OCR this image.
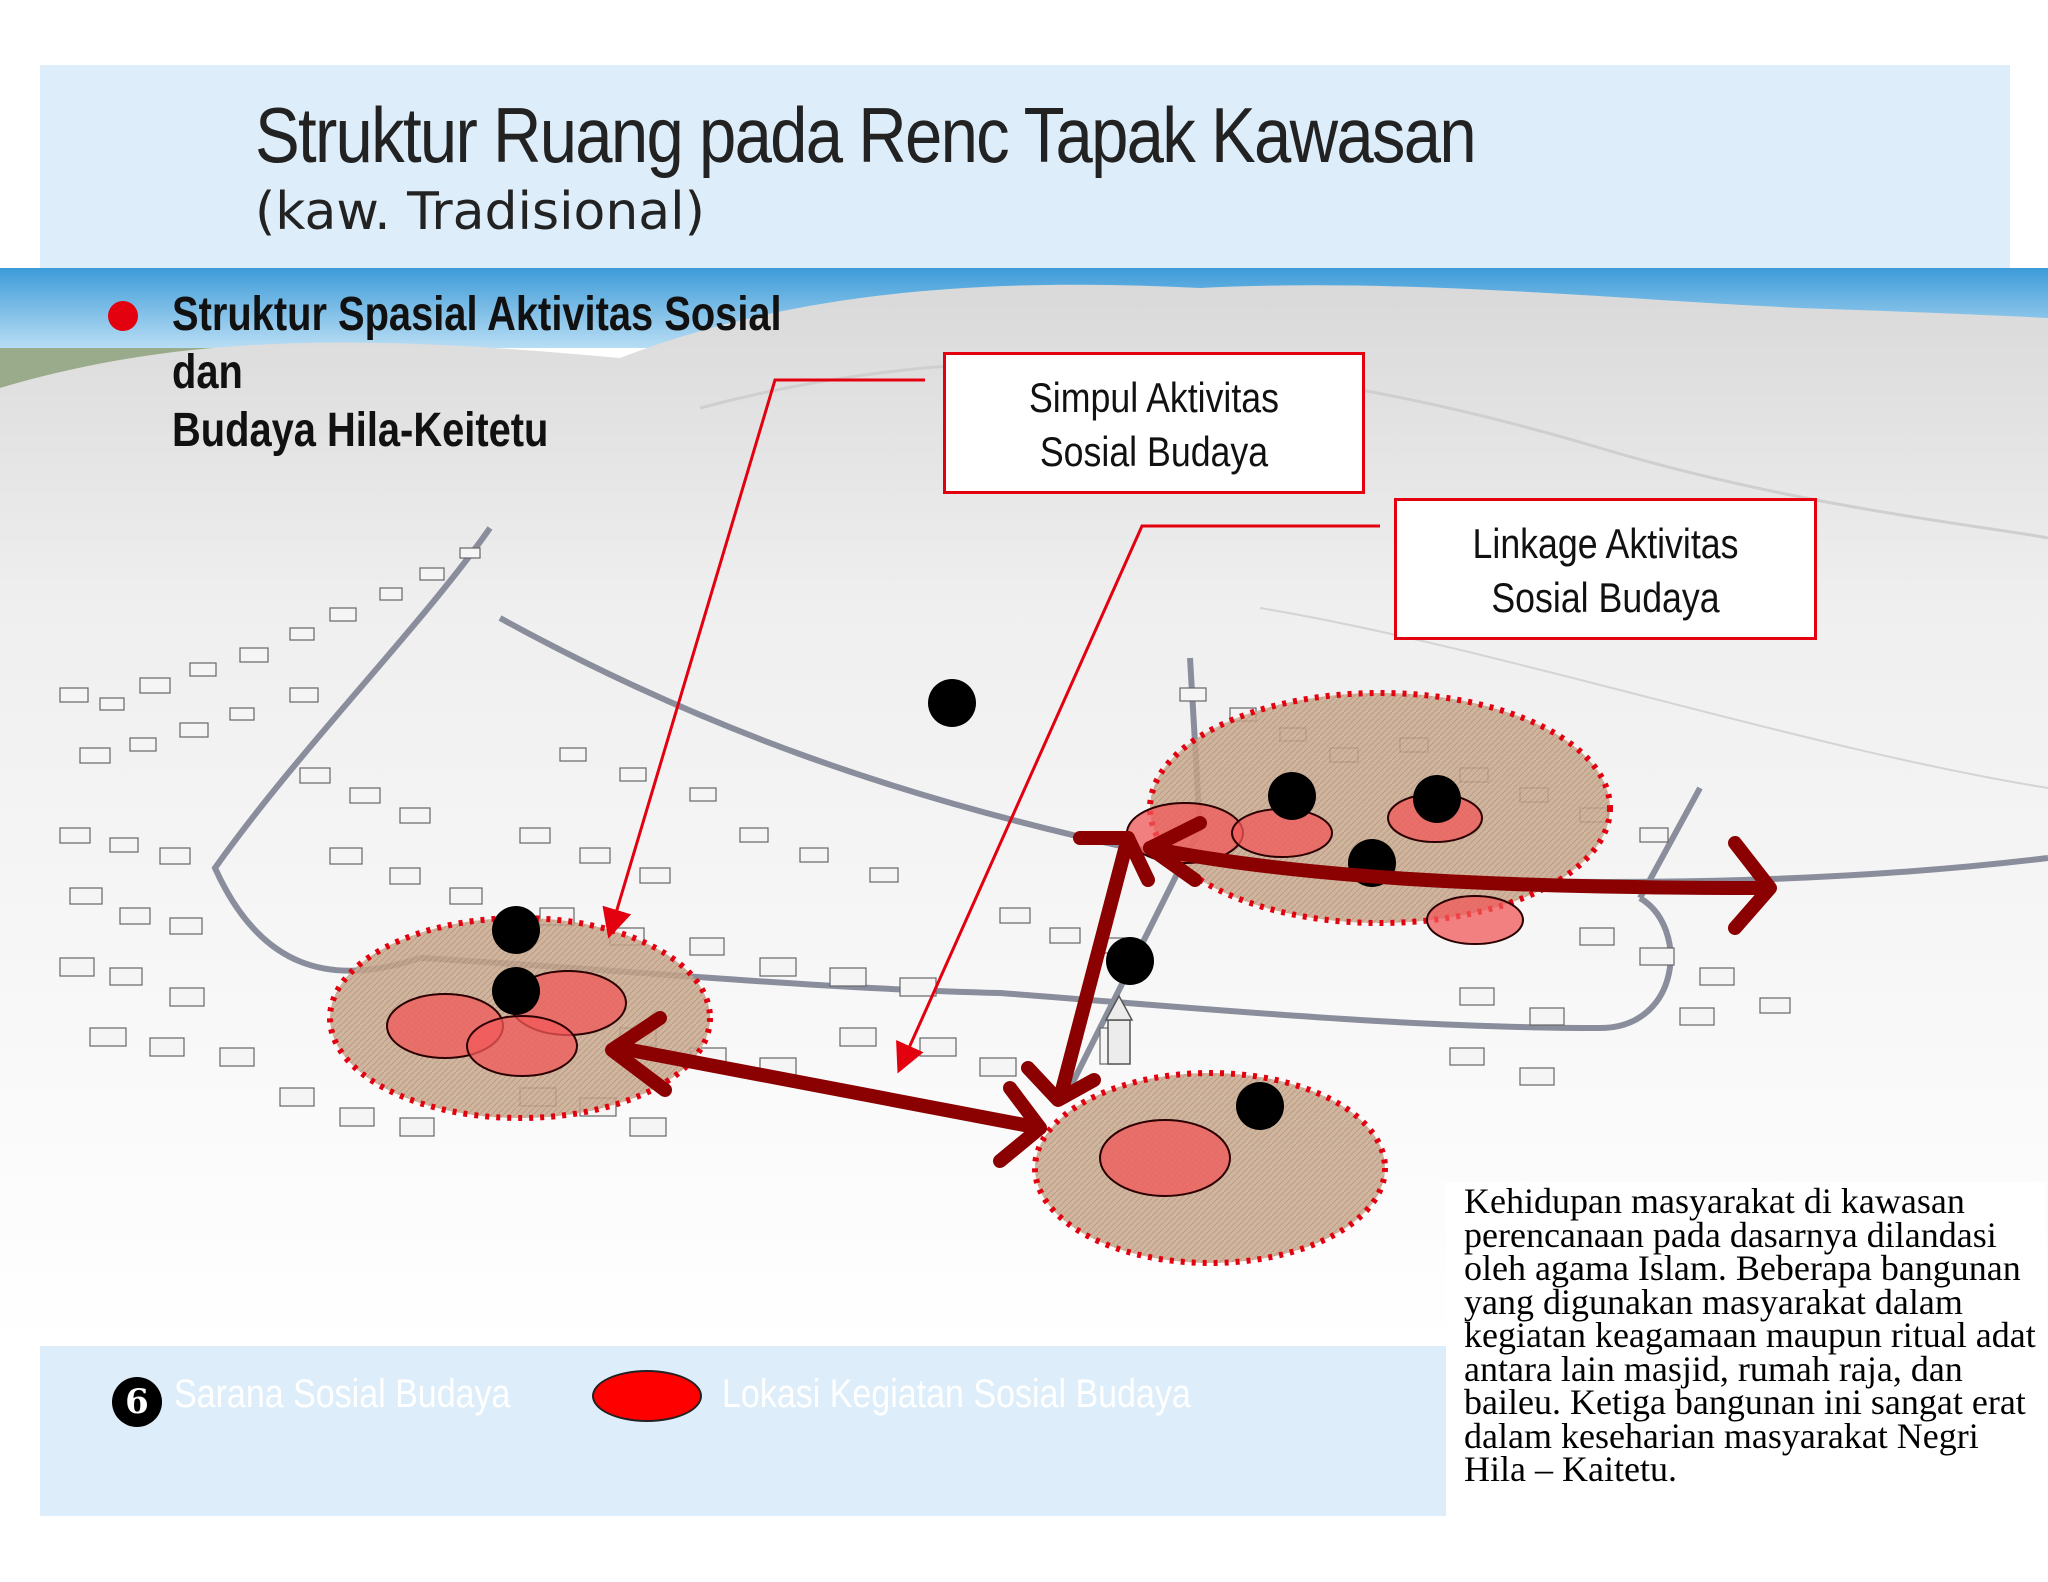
Struktur Ruang pada Renc Tapak Kawasan
(kaw. Tradisional)
Struktur Spasial Aktivitas Sosial dan
Budaya Hila-Keitetu
Simpul Aktivitas
Sosial Budaya
Linkage Aktivitas
Sosial Budaya
6 Sarana Sosial Budaya	Lokasi Kegiatan Sosial Budaya

Kehidupan masyarakat di kawasan perencanaan pada dasarnya dilandasi oleh agama Islam. Beberapa bangunan yang digunakan masyarakat dalam kegiatan keagamaan maupun ritual adat antara lain masjid, rumah raja, dan baileu. Ketiga bangunan ini sangat erat dalam keseharian masyarakat Negri Hila – Kaitetu.
